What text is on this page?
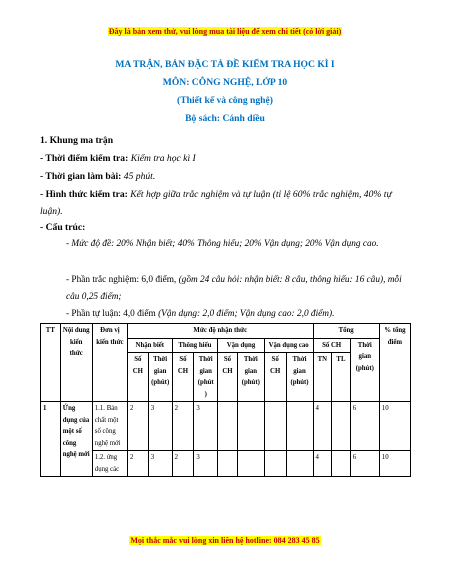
Đây là bản xem thử, vui lòng mua tài liệu để xem chi tiết (có lời giải)
MA TRẬN, BẢN ĐẶC TẢ ĐỀ KIỂM TRA HỌC KÌ I
MÔN: CÔNG NGHỆ, LỚP 10
(Thiết kế và công nghệ)
Bộ sách: Cánh diều
1. Khung ma trận
- Thời điểm kiểm tra: Kiểm tra học kì I
- Thời gian làm bài: 45 phút.
- Hình thức kiểm tra: Kết hợp giữa trắc nghiệm và tự luận (tỉ lệ 60% trắc nghiệm, 40% tự luận).
- Cấu trúc:
- Mức độ đề: 20% Nhận biết; 40% Thông hiểu; 20% Vận dụng; 20% Vận dụng cao.
- Phần trắc nghiệm: 6,0 điểm, (gồm 24 câu hỏi: nhận biết: 8 câu, thông hiểu: 16 câu), mỗi câu 0,25 điểm;
- Phần tự luận: 4,0 điểm (Vận dụng: 2,0 điểm; Vận dụng cao: 2,0 điểm).
TT	Nội dung kiến thức	Đơn vị kiến thức	Mức độ nhận thức								Tổng			% tổng điểm
			Nhận biết		Thông hiểu		Vận dụng		Vận dụng cao		Số CH		Thời gian (phút)	
			Số CH	Thời gian (phút)	Số CH	Thời gian (phút )	Số CH	Thời gian (phút)	Số CH	Thời gian (phút)	TN	TL		
1	Ứng dụng của một số công nghệ mới	1.1. Bản chất một số công nghệ mới	2	3	2	3					4		6	10
		1.2. ứng dụng các	2	3	2	3					4		6	10
Mọi thắc mắc vui lòng xin liên hệ hotline: 084 283 45 85
